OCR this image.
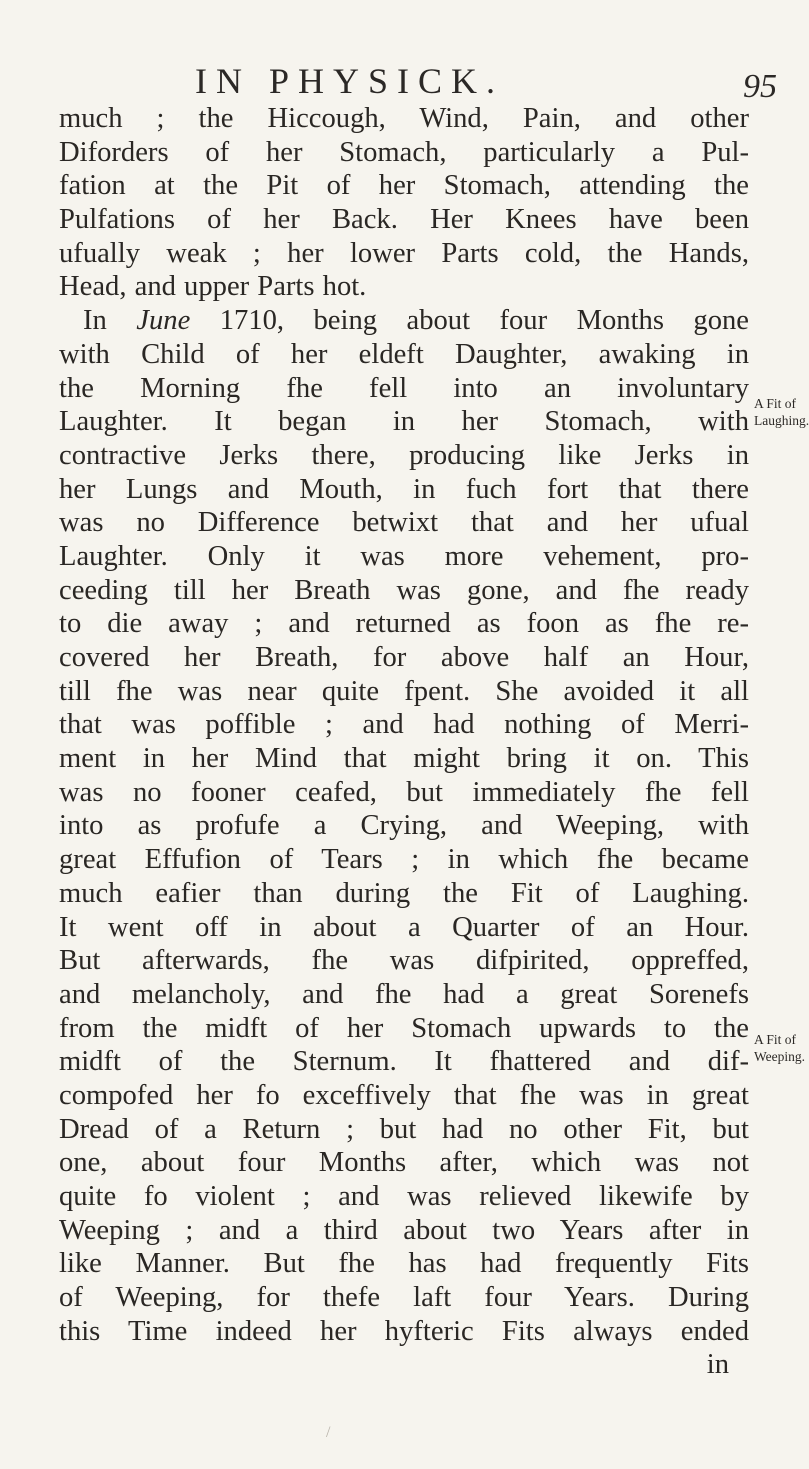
IN PHYSICK.	95
much ; the Hiccough, Wind, Pain, and other
Diforders of her Stomach, particularly a Pul-
fation at the Pit of her Stomach, attending the
Pulfations of her Back. Her Knees have been
ufually weak ; her lower Parts cold, the Hands,
Head, and upper Parts hot.
In June 1710, being about four Months gone
with Child of her eldeft Daughter, awaking in
the Morning fhe fell into an involuntary
Laughter. It began in her Stomach, with
contractive Jerks there, producing like Jerks in
her Lungs and Mouth, in fuch fort that there
was no Difference betwixt that and her ufual
Laughter. Only it was more vehement, pro-
ceeding till her Breath was gone, and fhe ready
to die away ; and returned as foon as fhe re-
covered her Breath, for above half an Hour,
till fhe was near quite fpent. She avoided it all
that was poffible ; and had nothing of Merri-
ment in her Mind that might bring it on. This
was no fooner ceafed, but immediately fhe fell
into as profufe a Crying, and Weeping, with
great Effufion of Tears ; in which fhe became
much eafier than during the Fit of Laughing.
It went off in about a Quarter of an Hour.
But afterwards, fhe was difpirited, oppreffed,
and melancholy, and fhe had a great Sorenefs
from the midft of her Stomach upwards to the
midft of the Sternum. It fhattered and dif-
compofed her fo exceffively that fhe was in great
Dread of a Return ; but had no other Fit, but
one, about four Months after, which was not
quite fo violent ; and was relieved likewife by
Weeping ; and a third about two Years after in
like Manner. But fhe has had frequently Fits
of Weeping, for thefe laft four Years. During
this Time indeed her hyfteric Fits always ended
in
A Fit of
Laughing.
A Fit of
Weeping.
/
